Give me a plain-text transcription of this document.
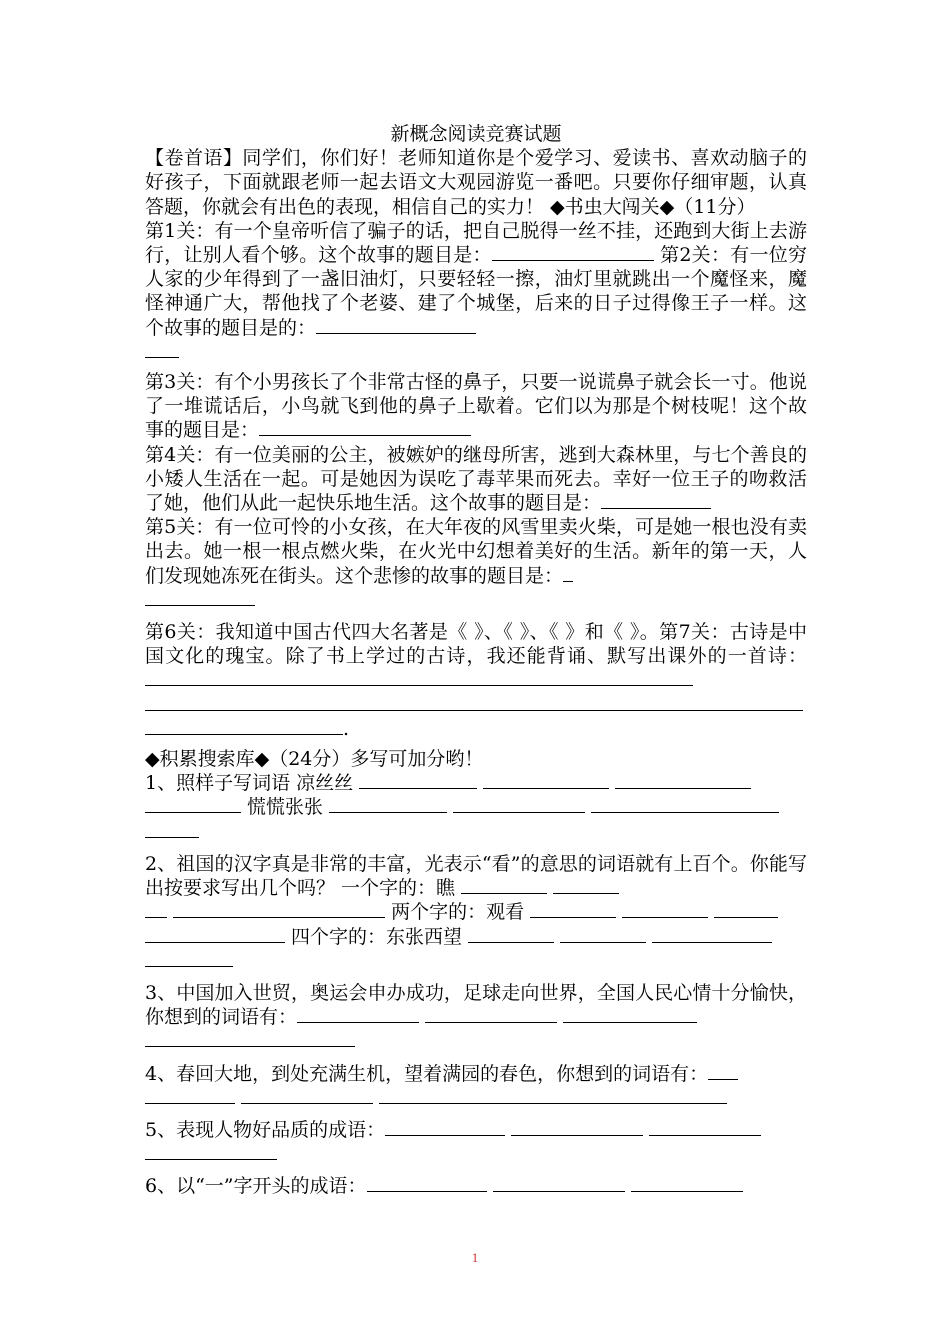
新概念阅读竞赛试题

【卷首语】同学们，你们好！老师知道你是个爱学习、爱读书、喜欢动脑子的好孩子，下面就跟老师一起去语文大观园游览一番吧。只要你仔细审题，认真答题，你就会有出色的表现，相信自己的实力！ ◆书虫大闯关◆（11分）

第1关：有一个皇帝听信了骗子的话，把自己脱得一丝不挂，还跑到大街上去游行，让别人看个够。这个故事的题目是：	第2关：有一位穷人家的少年得到了一盏旧油灯，只要轻轻一擦，油灯里就跳出一个魔怪来，魔怪神通广大，帮他找了个老婆、建了个城堡，后来的日子过得像王子一样。这个故事的题目是的：

第3关：有个小男孩长了个非常古怪的鼻子，只要一说谎鼻子就会长一寸。他说了一堆谎话后，小鸟就飞到他的鼻子上歇着。它们以为那是个树枝呢！这个故事的题目是：

第4关：有一位美丽的公主，被嫉妒的继母所害，逃到大森林里，与七个善良的小矮人生活在一起。可是她因为误吃了毒苹果而死去。幸好一位王子的吻救活了她，他们从此一起快乐地生活。这个故事的题目是：

第5关：有一位可怜的小女孩，在大年夜的风雪里卖火柴，可是她一根也没有卖出去。她一根一根点燃火柴，在火光中幻想着美好的生活。新年的第一天，人们发现她冻死在街头。这个悲惨的故事的题目是：

第6关：我知道中国古代四大名著是《 》、《 》、《 》和《 》。第7关：古诗是中国文化的瑰宝。除了书上学过的古诗，我还能背诵、默写出课外的一首诗：

.

◆积累搜索库◆（24分）多写可加分哟！

1、照样子写词语 凉丝丝
慌慌张张

2、祖国的汉字真是非常的丰富，光表示“看”的意思的词语就有上百个。你能写出按要求写出几个吗？ 一个字的：瞧
两个字的：观看
四个字的：东张西望

3、中国加入世贸，奥运会申办成功，足球走向世界，全国人民心情十分愉快，你想到的词语有：

4、春回大地，到处充满生机，望着满园的春色，你想到的词语有：

5、表现人物好品质的成语：

6、以“一”字开头的成语：

1
